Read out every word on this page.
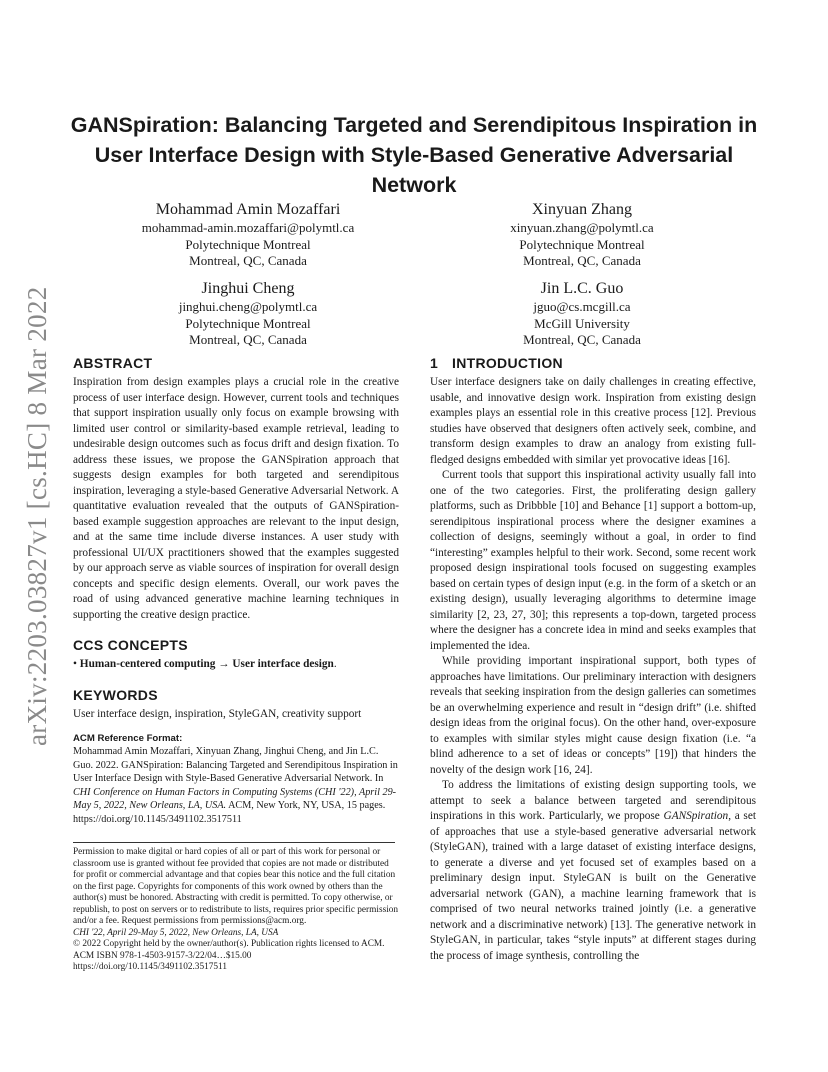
arXiv:2203.03827v1 [cs.HC] 8 Mar 2022
GANSpiration: Balancing Targeted and Serendipitous Inspiration in User Interface Design with Style-Based Generative Adversarial Network
Mohammad Amin Mozaffari
mohammad-amin.mozaffari@polymtl.ca
Polytechnique Montreal
Montreal, QC, Canada
Xinyuan Zhang
xinyuan.zhang@polymtl.ca
Polytechnique Montreal
Montreal, QC, Canada
Jinghui Cheng
jinghui.cheng@polymtl.ca
Polytechnique Montreal
Montreal, QC, Canada
Jin L.C. Guo
jguo@cs.mcgill.ca
McGill University
Montreal, QC, Canada
ABSTRACT

Inspiration from design examples plays a crucial role in the creative process of user interface design. However, current tools and techniques that support inspiration usually only focus on example browsing with limited user control or similarity-based example retrieval, leading to undesirable design outcomes such as focus drift and design fixation. To address these issues, we propose the GANSpiration approach that suggests design examples for both targeted and serendipitous inspiration, leveraging a style-based Generative Adversarial Network. A quantitative evaluation revealed that the outputs of GANSpiration-based example suggestion approaches are relevant to the input design, and at the same time include diverse instances. A user study with professional UI/UX practitioners showed that the examples suggested by our approach serve as viable sources of inspiration for overall design concepts and specific design elements. Overall, our work paves the road of using advanced generative machine learning techniques in supporting the creative design practice.

CCS CONCEPTS

• Human-centered computing → User interface design.

KEYWORDS

User interface design, inspiration, StyleGAN, creativity support

ACM Reference Format:

Mohammad Amin Mozaffari, Xinyuan Zhang, Jinghui Cheng, and Jin L.C. Guo. 2022. GANSpiration: Balancing Targeted and Serendipitous Inspiration in User Interface Design with Style-Based Generative Adversarial Network. In CHI Conference on Human Factors in Computing Systems (CHI '22), April 29-May 5, 2022, New Orleans, LA, USA. ACM, New York, NY, USA, 15 pages. https://doi.org/10.1145/3491102.3517511

Permission to make digital or hard copies of all or part of this work for personal or classroom use is granted without fee provided that copies are not made or distributed for profit or commercial advantage and that copies bear this notice and the full citation on the first page. Copyrights for components of this work owned by others than the author(s) must be honored. Abstracting with credit is permitted. To copy otherwise, or republish, to post on servers or to redistribute to lists, requires prior specific permission and/or a fee. Request permissions from permissions@acm.org.

CHI '22, April 29-May 5, 2022, New Orleans, LA, USA

© 2022 Copyright held by the owner/author(s). Publication rights licensed to ACM.

ACM ISBN 978-1-4503-9157-3/22/04…$15.00

https://doi.org/10.1145/3491102.3517511

1 INTRODUCTION

User interface designers take on daily challenges in creating effective, usable, and innovative design work. Inspiration from existing design examples plays an essential role in this creative process [12]. Previous studies have observed that designers often actively seek, combine, and transform design examples to draw an analogy from existing full-fledged designs embedded with similar yet provocative ideas [16].

Current tools that support this inspirational activity usually fall into one of the two categories. First, the proliferating design gallery platforms, such as Dribbble [10] and Behance [1] support a bottom-up, serendipitous inspirational process where the designer examines a collection of designs, seemingly without a goal, in order to find “interesting” examples helpful to their work. Second, some recent work proposed design inspirational tools focused on suggesting examples based on certain types of design input (e.g. in the form of a sketch or an existing design), usually leveraging algorithms to determine image similarity [2, 23, 27, 30]; this represents a top-down, targeted process where the designer has a concrete idea in mind and seeks examples that implemented the idea.

While providing important inspirational support, both types of approaches have limitations. Our preliminary interaction with designers reveals that seeking inspiration from the design galleries can sometimes be an overwhelming experience and result in “design drift” (i.e. shifted design ideas from the original focus). On the other hand, over-exposure to examples with similar styles might cause design fixation (i.e. “a blind adherence to a set of ideas or concepts” [19]) that hinders the novelty of the design work [16, 24].

To address the limitations of existing design supporting tools, we attempt to seek a balance between targeted and serendipitous inspirations in this work. Particularly, we propose GANSpiration, a set of approaches that use a style-based generative adversarial network (StyleGAN), trained with a large dataset of existing interface designs, to generate a diverse and yet focused set of examples based on a preliminary design input. StyleGAN is built on the Generative adversarial network (GAN), a machine learning framework that is comprised of two neural networks trained jointly (i.e. a generative network and a discriminative network) [13]. The generative network in StyleGAN, in particular, takes “style inputs” at different stages during the process of image synthesis, controlling the
